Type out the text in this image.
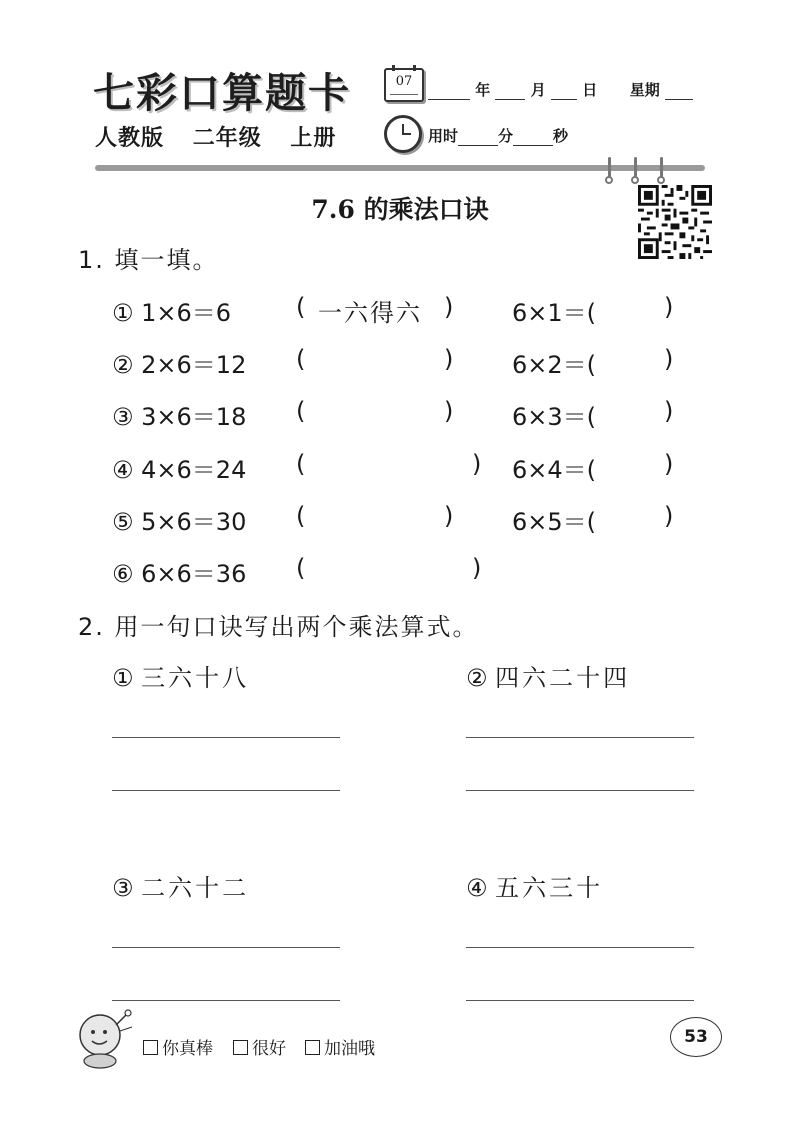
七彩口算题卡
人教版 二年级 上册
07	年	月 日 星期
用时	分	秒
7.6 的乘法口诀
1. 填一填。
① 1×6＝6	( 一六得六 ) 6×1＝(	)
② 2×6＝12 (	) 6×2＝(	)
③ 3×6＝18 (	) 6×3＝(	)
④ 4×6＝24 (	) 6×4＝(	)
⑤ 5×6＝30 (	) 6×5＝(	)
⑥ 6×6＝36 (	)
2. 用一句口诀写出两个乘法算式。
① 三六十八	② 四六二十四
③ 二六十二	④ 五六三十
你真棒	很好	加油哦
53
